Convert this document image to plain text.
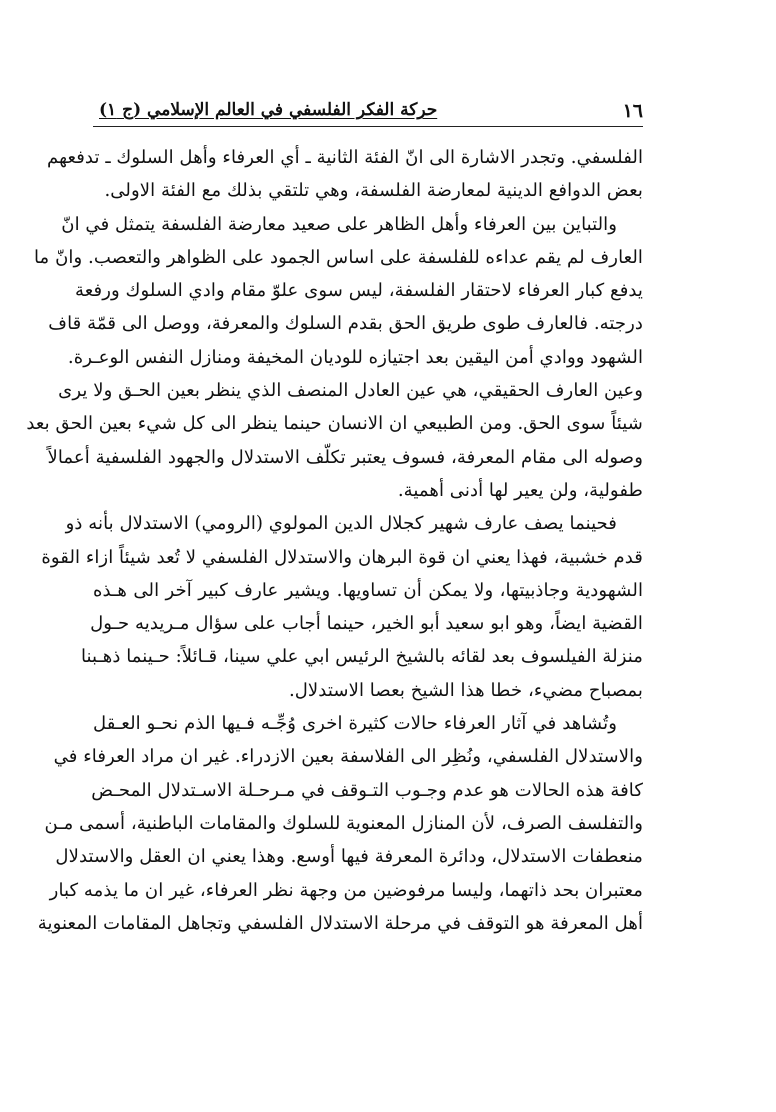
١٦
حركة الفكر الفلسفي في العالم الإسلامي (ج ١)

الفلسفي. وتجدر الاشارة الى انّ الفئة الثانية ـ أي العرفاء وأهل السلوك ـ تدفعهم
بعض الدوافع الدينية لمعارضة الفلسفة، وهي تلتقي بذلك مع الفئة الاولى.

والتباين بين العرفاء وأهل الظاهر على صعيد معارضة الفلسفة يتمثل في انّ
العارف لم يقم عداءه للفلسفة على اساس الجمود على الظواهر والتعصب. وانّ ما
يدفع كبار العرفاء لاحتقار الفلسفة، ليس سوى علوّ مقام وادي السلوك ورفعة
درجته. فالعارف طوى طريق الحق بقدم السلوك والمعرفة، ووصل الى قمّة قاف
الشهود ووادي أمن اليقين بعد اجتيازه للوديان المخيفة ومنازل النفس الوعـرة.
وعين العارف الحقيقي، هي عين العادل المنصف الذي ينظر بعين الحـق ولا يرى
شيئاً سوى الحق. ومن الطبيعي ان الانسان حينما ينظر الى كل شيء بعين الحق بعد
وصوله الى مقام المعرفة، فسوف يعتبر تكلّف الاستدلال والجهود الفلسفية أعمالاً
طفولية، ولن يعير لها أدنى أهمية.

فحينما يصف عارف شهير كجلال الدين المولوي (الرومي) الاستدلال بأنه ذو
قدم خشبية، فهذا يعني ان قوة البرهان والاستدلال الفلسفي لا تُعد شيئاً ازاء القوة
الشهودية وجاذبيتها، ولا يمكن أن تساويها. ويشير عارف كبير آخر الى هـذه
القضية ايضاً، وهو ابو سعيد أبو الخير، حينما أجاب على سؤال مـريديه حـول
منزلة الفيلسوف بعد لقائه بالشيخ الرئيس ابي علي سينا، قـائلاً: حـينما ذهـبنا
بمصباح مضيء، خطا هذا الشيخ بعصا الاستدلال.

وتُشاهد في آثار العرفاء حالات كثيرة اخرى وُجِّـه فـيها الذم نحـو العـقل
والاستدلال الفلسفي، ونُظِر الى الفلاسفة بعين الازدراء. غير ان مراد العرفاء في
كافة هذه الحالات هو عدم وجـوب التـوقف في مـرحـلة الاسـتدلال المحـض
والتفلسف الصرف، لأن المنازل المعنوية للسلوك والمقامات الباطنية، أسمى مـن
منعطفات الاستدلال، ودائرة المعرفة فيها أوسع. وهذا يعني ان العقل والاستدلال
معتبران بحد ذاتهما، وليسا مرفوضين من وجهة نظر العرفاء، غير ان ما يذمه كبار
أهل المعرفة هو التوقف في مرحلة الاستدلال الفلسفي وتجاهل المقامات المعنوية
